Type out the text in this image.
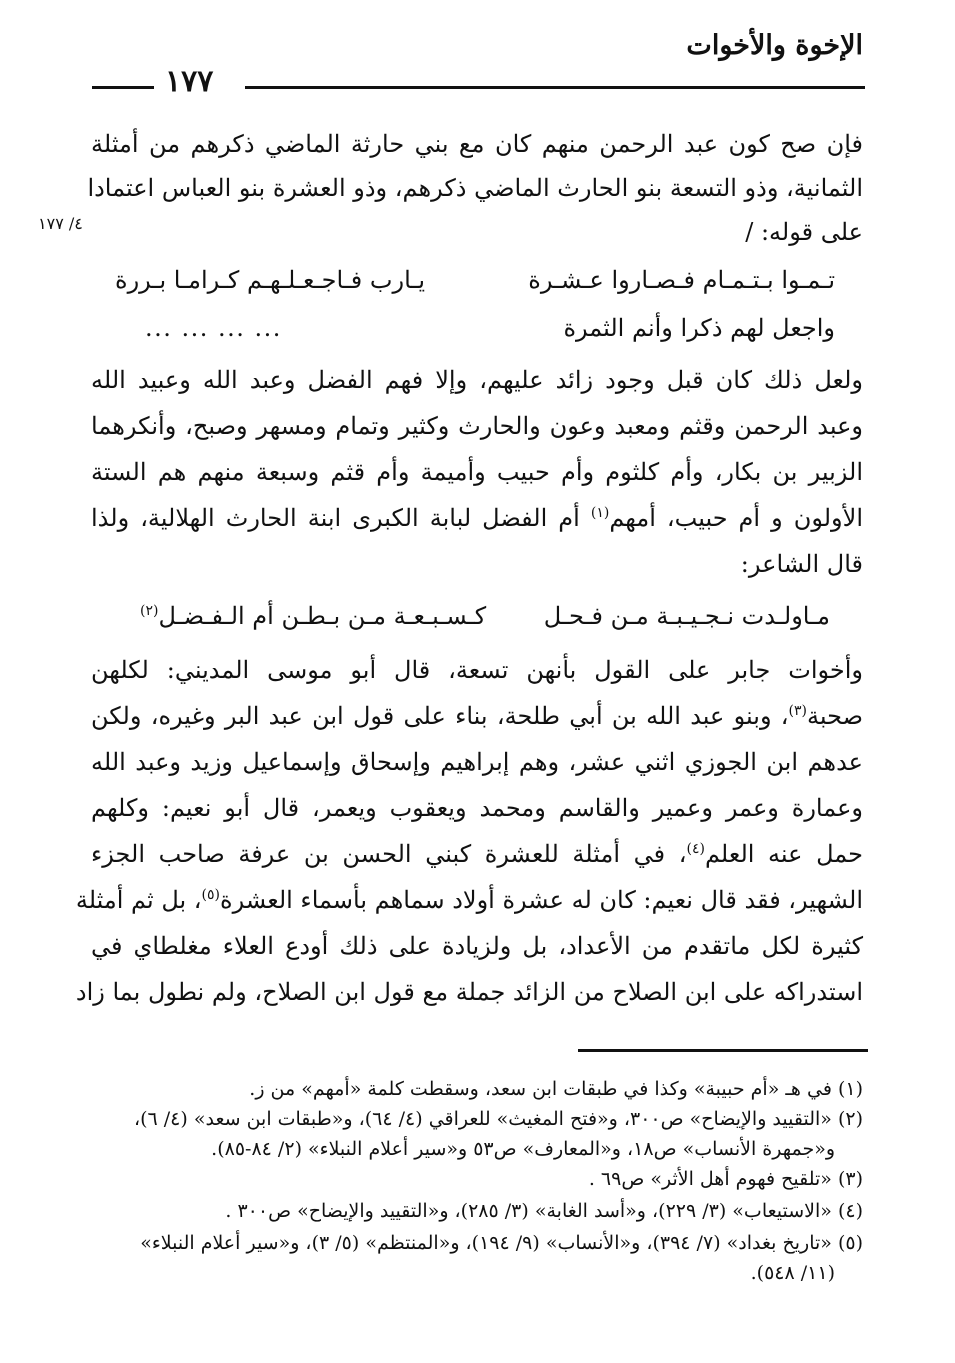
الإخوة والأخوات
١٧٧
٤/ ١٧٧
فإن صح كون عبد الرحمن منهم كان مع بني حارثة الماضي ذكرهم من أمثلة
الثمانية، وذو التسعة بنو الحارث الماضي ذكرهم، وذو العشرة بنو العباس اعتمادا
على قوله: /
تـمـوا بـتـمـام فـصـاروا عـشـرة
يـارب فـاجـعـلـهـم كـرامـا بـررة
واجعل لهم ذكرا وأنم الثمرة
... ... ... ...
ولعل ذلك كان قبل وجود زائد عليهم، وإلا فهم الفضل وعبد الله وعبيد الله
وعبد الرحمن وقثم ومعبد وعون والحارث وكثير وتمام ومسهر وصبح، وأنكرهما
الزبير بن بكار، وأم كلثوم وأم حبيب وأميمة وأم قثم وسبعة منهم هم الستة
الأولون و أم حبيب، أمهم$^{(١)}$ أم الفضل لبابة الكبرى ابنة الحارث الهلالية، ولذا
قال الشاعر:
مـاولـدت نـجـيـبـة مـن فـحـل
كـسـبـعـة مـن بـطـن أم الـفـضـل$^{(٢)}$
وأخوات جابر على القول بأنهن تسعة، قال أبو موسى المديني: لكلهن
صحبة$^{(٣)}$، وبنو عبد الله بن أبي طلحة، بناء على قول ابن عبد البر وغيره، ولكن
عدهم ابن الجوزي اثني عشر، وهم إبراهيم وإسحاق وإسماعيل وزيد وعبد الله
وعمارة وعمر وعمير والقاسم ومحمد ويعقوب ويعمر، قال أبو نعيم: وكلهم
حمل عنه العلم$^{(٤)}$، في أمثلة للعشرة كبني الحسن بن عرفة صاحب الجزء
الشهير، فقد قال نعيم: كان له عشرة أولاد سماهم بأسماء العشرة$^{(٥)}$، بل ثم أمثلة
كثيرة لكل ماتقدم من الأعداد، بل ولزيادة على ذلك أودع العلاء مغلطاي في
استدراكه على ابن الصلاح من الزائد جملة مع قول ابن الصلاح، ولم نطول بما زاد
(١) في هـ «أم حبيبة» وكذا في طبقات ابن سعد، وسقطت كلمة «أمهم» من ز.
(٢) «التقييد والإيضاح» ص٣٠٠، و«فتح المغيث» للعراقي (٤/ ٦٤)، و«طبقات ابن سعد» (٤/ ٦)،
و«جمهرة الأنساب» ص١٨، و«المعارف» ص٥٣ و«سير أعلام النبلاء» (٢/ ٨٤-٨٥).
(٣) «تلقيح فهوم أهل الأثر» ص٦٩ .
(٤) «الاستيعاب» (٣/ ٢٢٩)، و«أسد الغابة» (٣/ ٢٨٥)، و«التقييد والإيضاح» ص٣٠٠ .
(٥) «تاريخ بغداد» (٧/ ٣٩٤)، و«الأنساب» (٩/ ١٩٤)، و«المنتظم» (٥/ ٣)، و«سير أعلام النبلاء»
(١١/ ٥٤٨).
